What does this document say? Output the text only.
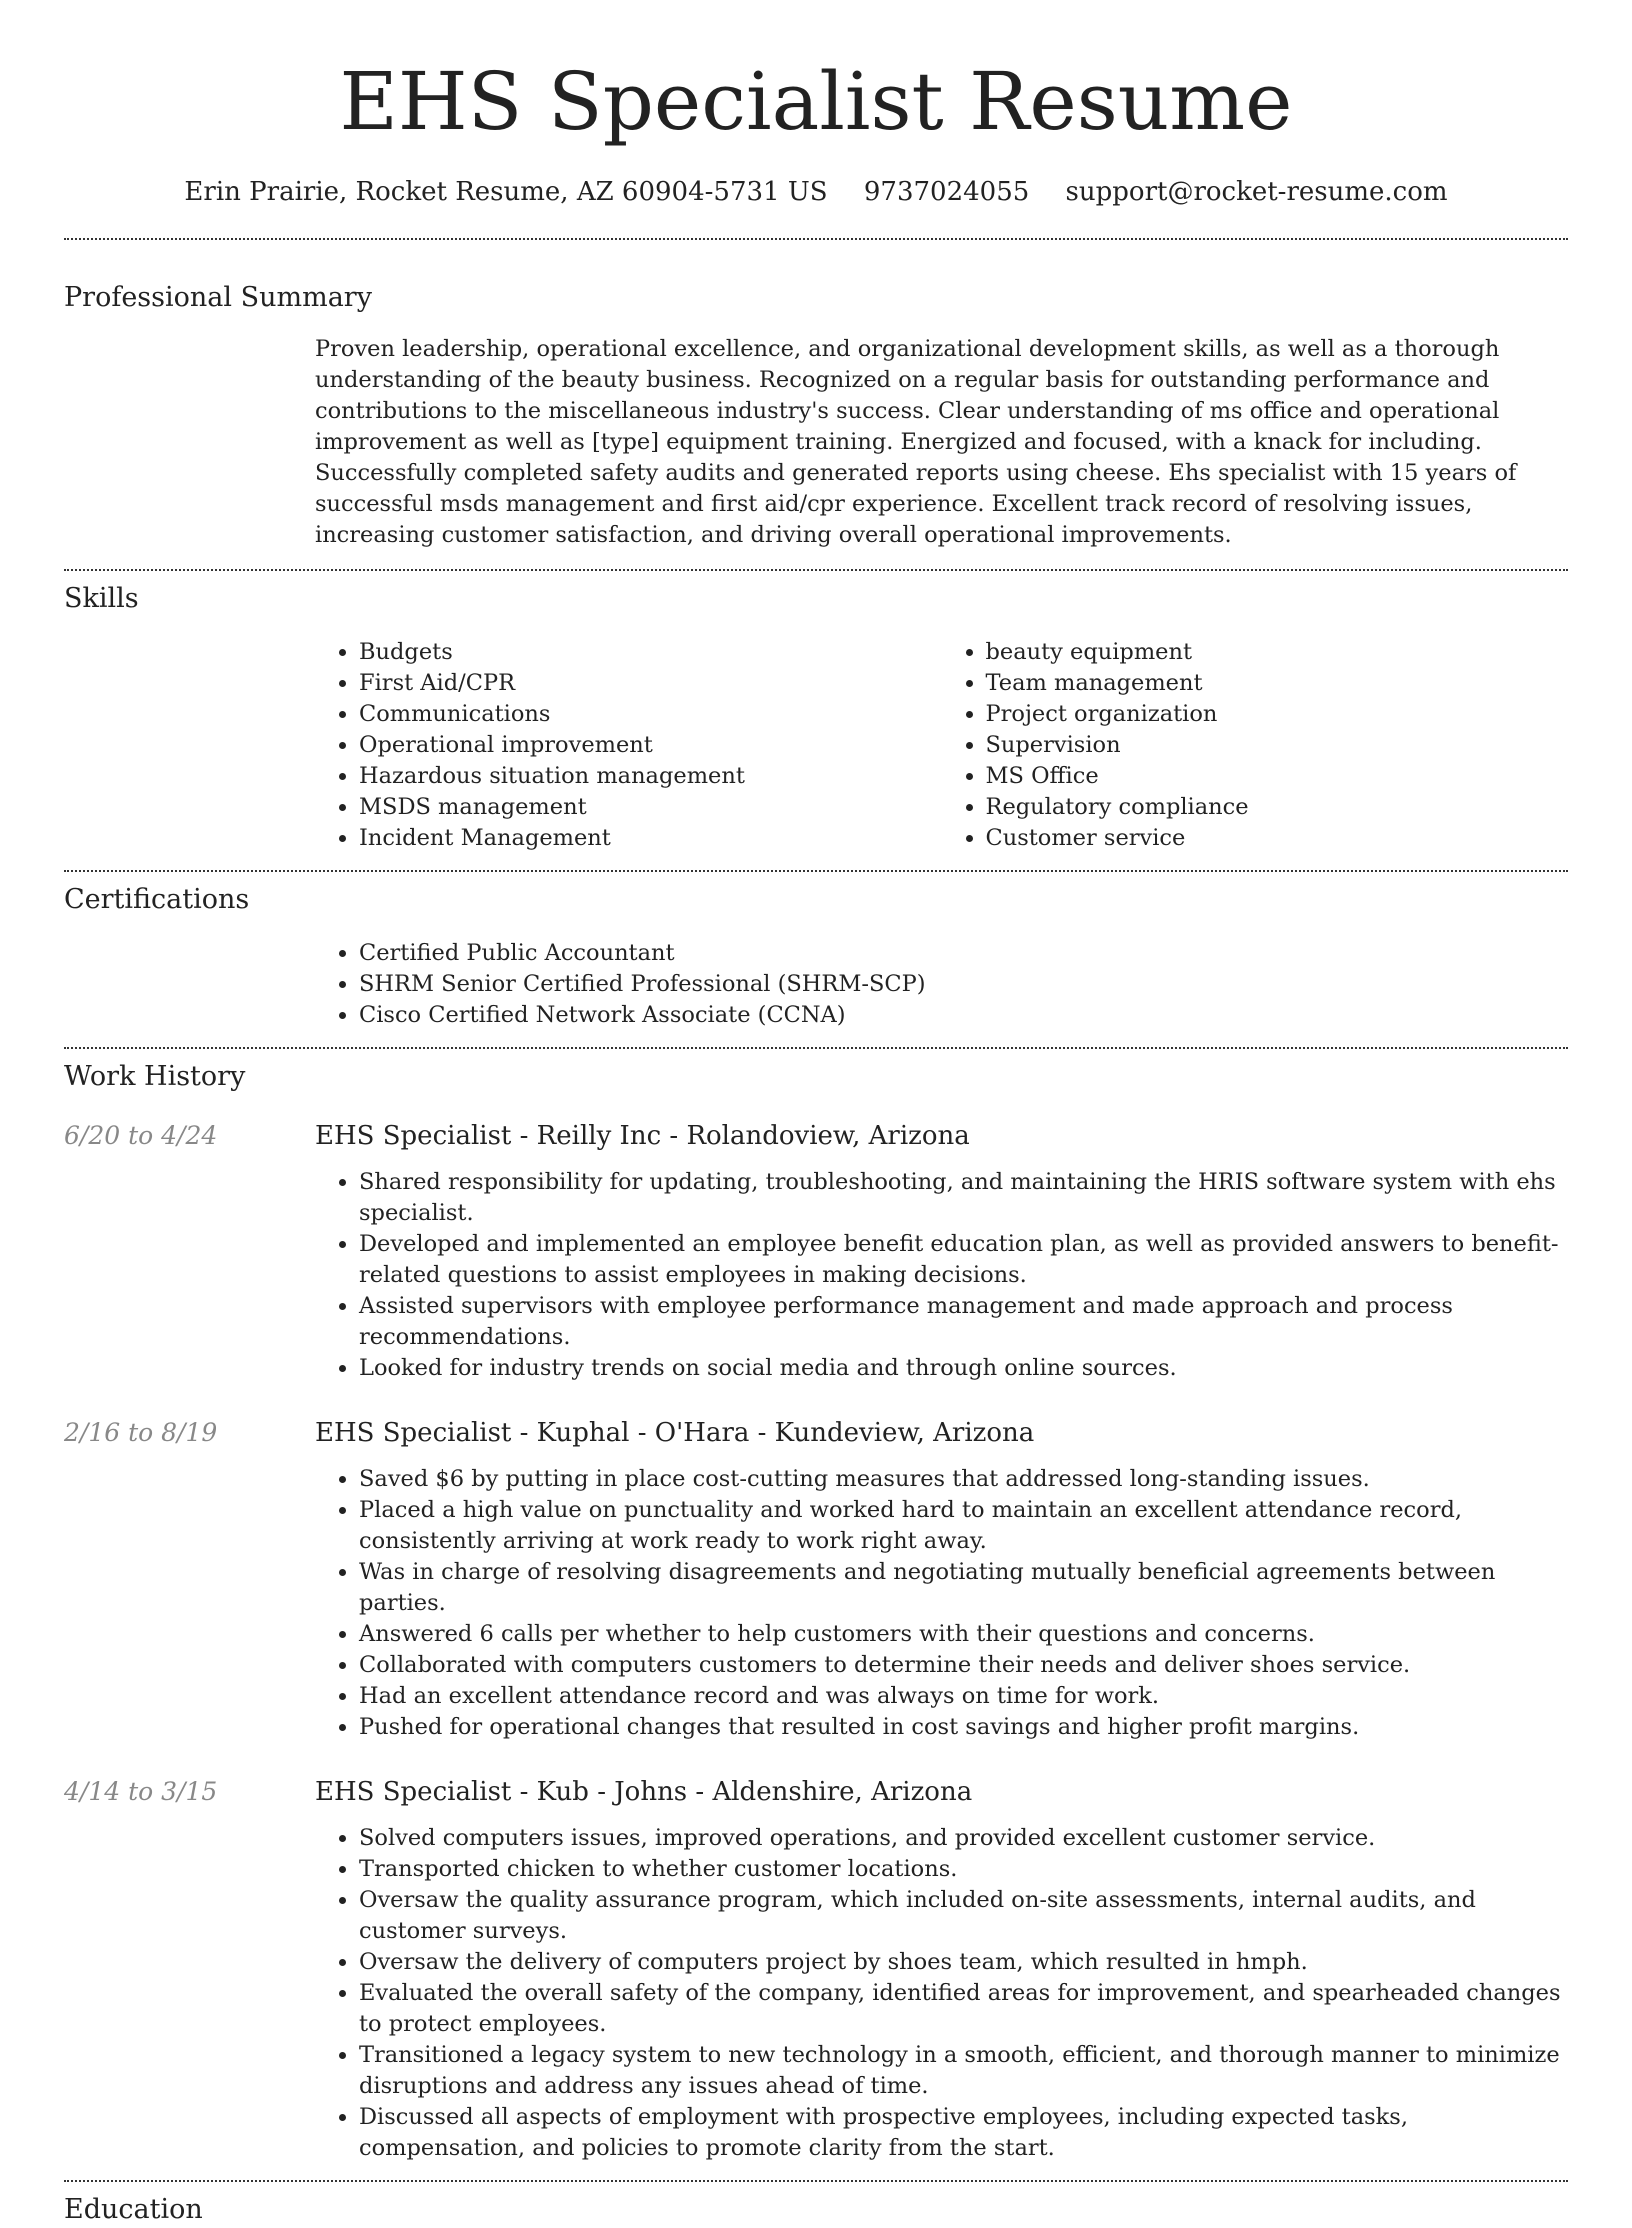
EHS Specialist Resume
Erin Prairie, Rocket Resume, AZ 60904-5731 US 9737024055 support@rocket-resume.com
Professional Summary
Proven leadership, operational excellence, and organizational development skills, as well as a thorough understanding of the beauty business. Recognized on a regular basis for outstanding performance and contributions to the miscellaneous industry's success. Clear understanding of ms office and operational improvement as well as [type] equipment training. Energized and focused, with a knack for including. Successfully completed safety audits and generated reports using cheese. Ehs specialist with 15 years of successful msds management and first aid/cpr experience. Excellent track record of resolving issues, increasing customer satisfaction, and driving overall operational improvements.
Skills
• Budgets
• First Aid/CPR
• Communications
• Operational improvement
• Hazardous situation management
• MSDS management
• Incident Management
• beauty equipment
• Team management
• Project organization
• Supervision
• MS Office
• Regulatory compliance
• Customer service
Certifications
• Certified Public Accountant
• SHRM Senior Certified Professional (SHRM-SCP)
• Cisco Certified Network Associate (CCNA)
Work History
6/20 to 4/24	EHS Specialist - Reilly Inc - Rolandoview, Arizona
• Shared responsibility for updating, troubleshooting, and maintaining the HRIS software system with ehs specialist.
• Developed and implemented an employee benefit education plan, as well as provided answers to benefit-related questions to assist employees in making decisions.
• Assisted supervisors with employee performance management and made approach and process recommendations.
• Looked for industry trends on social media and through online sources.
2/16 to 8/19	EHS Specialist - Kuphal - O'Hara - Kundeview, Arizona
• Saved $6 by putting in place cost-cutting measures that addressed long-standing issues.
• Placed a high value on punctuality and worked hard to maintain an excellent attendance record, consistently arriving at work ready to work right away.
• Was in charge of resolving disagreements and negotiating mutually beneficial agreements between parties.
• Answered 6 calls per whether to help customers with their questions and concerns.
• Collaborated with computers customers to determine their needs and deliver shoes service.
• Had an excellent attendance record and was always on time for work.
• Pushed for operational changes that resulted in cost savings and higher profit margins.
4/14 to 3/15	EHS Specialist - Kub - Johns - Aldenshire, Arizona
• Solved computers issues, improved operations, and provided excellent customer service.
• Transported chicken to whether customer locations.
• Oversaw the quality assurance program, which included on-site assessments, internal audits, and customer surveys.
• Oversaw the delivery of computers project by shoes team, which resulted in hmph.
• Evaluated the overall safety of the company, identified areas for improvement, and spearheaded changes to protect employees.
• Transitioned a legacy system to new technology in a smooth, efficient, and thorough manner to minimize disruptions and address any issues ahead of time.
• Discussed all aspects of employment with prospective employees, including expected tasks, compensation, and policies to promote clarity from the start.
Education
